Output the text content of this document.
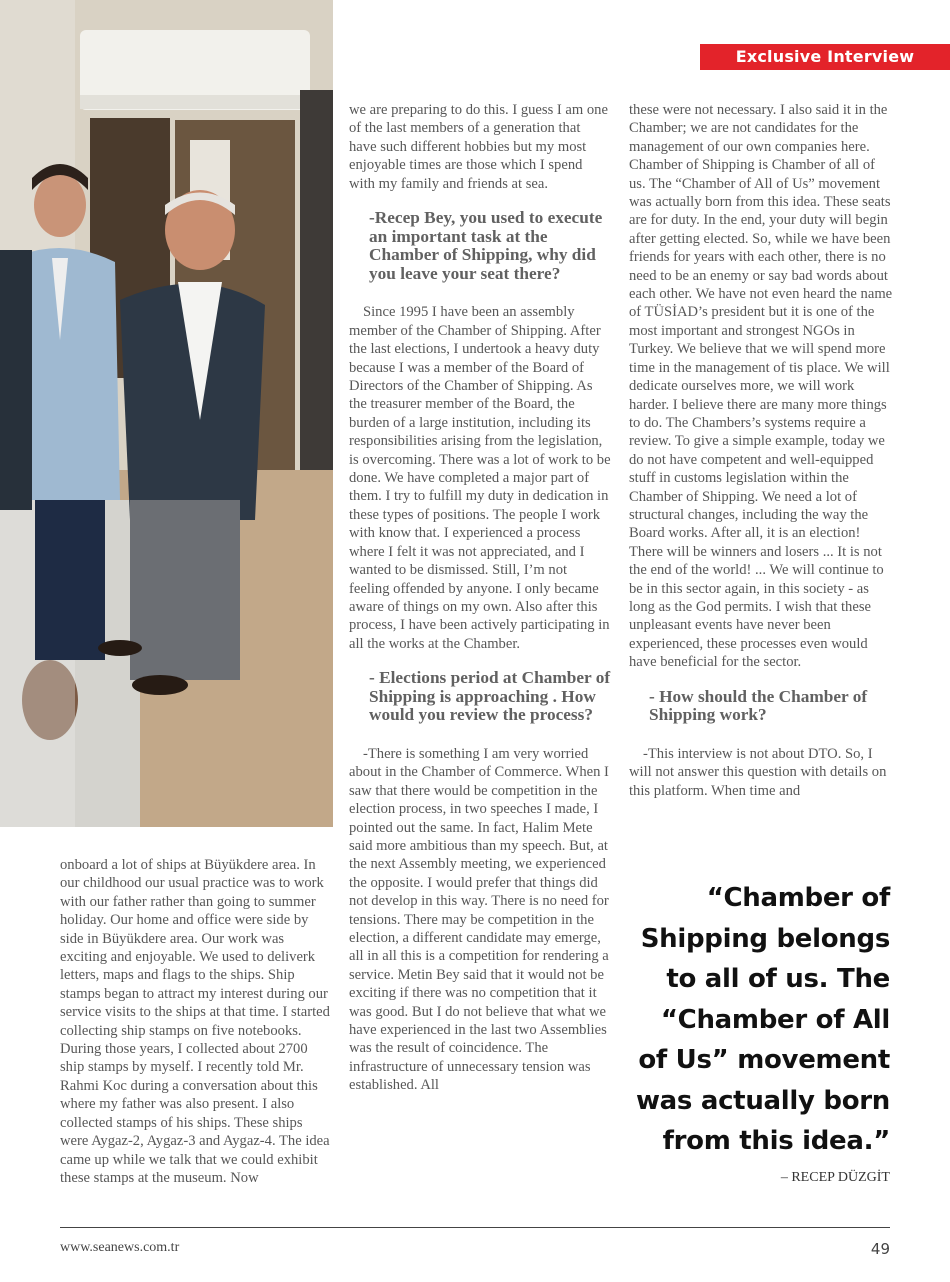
Exclusive Interview

we are preparing to do this. I guess I am one of the last members of a generation that have such different hobbies but my most enjoyable times are those which I spend with my family and friends at sea.

-Recep Bey, you used to execute an important task at the Chamber of Shipping, why did you leave your seat there?

Since 1995 I have been an assembly member of the Chamber of Shipping. After the last elections, I undertook a heavy duty because I was a member of the Board of Directors of the Chamber of Shipping. As the treasurer member of the Board, the burden of a large institution, including its responsibilities arising from the legislation, is overcoming. There was a lot of work to be done. We have completed a major part of them. I try to fulfill my duty in dedication in these types of positions. The people I work with know that. I experienced a process where I felt it was not appreciated, and I wanted to be dismissed. Still, I’m not feeling offended by anyone. I only became aware of things on my own. Also after this process, I have been actively participating in all the works at the Chamber.

- Elections period at Chamber of Shipping is approaching . How would you review the process?

-There is something I am very worried about in the Chamber of Commerce. When I saw that there would be competition in the election process, in two speeches I made, I pointed out the same. In fact, Halim Mete said more ambitious than my speech. But, at the next Assembly meeting, we experienced the opposite. I would prefer that things did not develop in this way. There is no need for tensions. There may be competition in the election, a different candidate may emerge, all in all this is a competition for rendering a service. Metin Bey said that it would not be exciting if there was no competition that it was good. But I do not believe that what we have experienced in the last two Assemblies was the result of coincidence. The infrastructure of unnecessary tension was established. All

these were not necessary. I also said it in the Chamber; we are not candidates for the management of our own companies here. Chamber of Shipping is Chamber of all of us. The “Chamber of All of Us” movement was actually born from this idea. These seats are for duty. In the end, your duty will begin after getting elected. So, while we have been friends for years with each other, there is no need to be an enemy or say bad words about each other. We have not even heard the name of TÜSİAD’s president but it is one of the most important and strongest NGOs in Turkey. We believe that we will spend more time in the management of tis place. We will dedicate ourselves more, we will work harder. I believe there are many more things to do. The Chambers’s systems require a review. To give a simple example, today we do not have competent and well-equipped stuff in customs legislation within the Chamber of Shipping. We need a lot of structural changes, including the way the Board works. After all, it is an election! There will be winners and losers ... It is not the end of the world! ... We will continue to be in this sector again, in this society - as long as the God permits. I wish that these unpleasant events have never been experienced, these processes even would have beneficial for the sector.

- How should the Chamber of Shipping work?

-This interview is not about DTO. So, I will not answer this question with details on this platform. When time and

onboard a lot of ships at Büyükdere area. In our childhood our usual practice was to work with our father rather than going to summer holiday. Our home and office were side by side in Büyükdere area. Our work was exciting and enjoyable. We used to deliverk letters, maps and flags to the ships. Ship stamps began to attract my interest during our service visits to the ships at that time. I started collecting ship stamps on five notebooks. During those years, I collected about 2700 ship stamps by myself. I recently told Mr. Rahmi Koc during a conversation about this where my father was also present. I also collected stamps of his ships. These ships were Aygaz-2, Aygaz-3 and Aygaz-4. The idea came up while we talk that we could exhibit these stamps at the museum. Now

“Chamber of Shipping belongs to all of us. The “Chamber of All of Us” movement was actually born from this idea.”
– RECEP DÜZGİT
www.seanews.com.tr	49
